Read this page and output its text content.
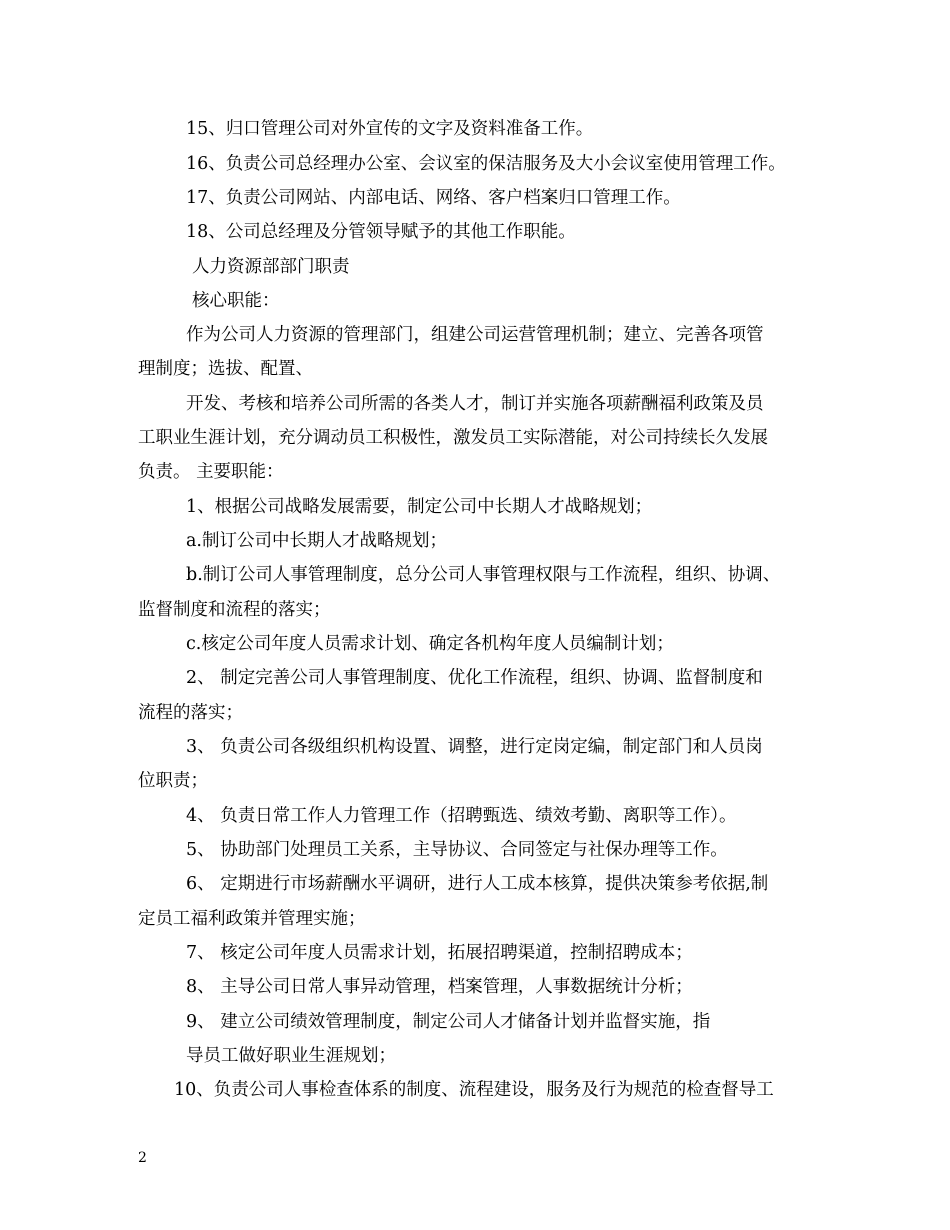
15、归口管理公司对外宣传的文字及资料准备工作。
16、负责公司总经理办公室、会议室的保洁服务及大小会议室使用管理工作。
17、负责公司网站、内部电话、网络、客户档案归口管理工作。
18、公司总经理及分管领导赋予的其他工作职能。
人力资源部部门职责
核心职能：
作为公司人力资源的管理部门，组建公司运营管理机制；建立、完善各项管
理制度；选拔、配置、
开发、考核和培养公司所需的各类人才，制订并实施各项薪酬福利政策及员
工职业生涯计划，充分调动员工积极性，激发员工实际潜能，对公司持续长久发展
负责。 主要职能：
1、根据公司战略发展需要，制定公司中长期人才战略规划；
a.制订公司中长期人才战略规划；
b.制订公司人事管理制度，总分公司人事管理权限与工作流程，组织、协调、
监督制度和流程的落实；
c.核定公司年度人员需求计划、确定各机构年度人员编制计划；
2、 制定完善公司人事管理制度、优化工作流程，组织、协调、监督制度和
流程的落实；
3、 负责公司各级组织机构设置、调整，进行定岗定编，制定部门和人员岗
位职责；
4、 负责日常工作人力管理工作（招聘甄选、绩效考勤、离职等工作）。
5、 协助部门处理员工关系，主导协议、合同签定与社保办理等工作。
6、 定期进行市场薪酬水平调研，进行人工成本核算，提供决策参考依据,制
定员工福利政策并管理实施；
7、 核定公司年度人员需求计划，拓展招聘渠道，控制招聘成本；
8、 主导公司日常人事异动管理，档案管理，人事数据统计分析；
9、 建立公司绩效管理制度，制定公司人才储备计划并监督实施，指
导员工做好职业生涯规划；
10、负责公司人事检查体系的制度、流程建设，服务及行为规范的检查督导工
2
